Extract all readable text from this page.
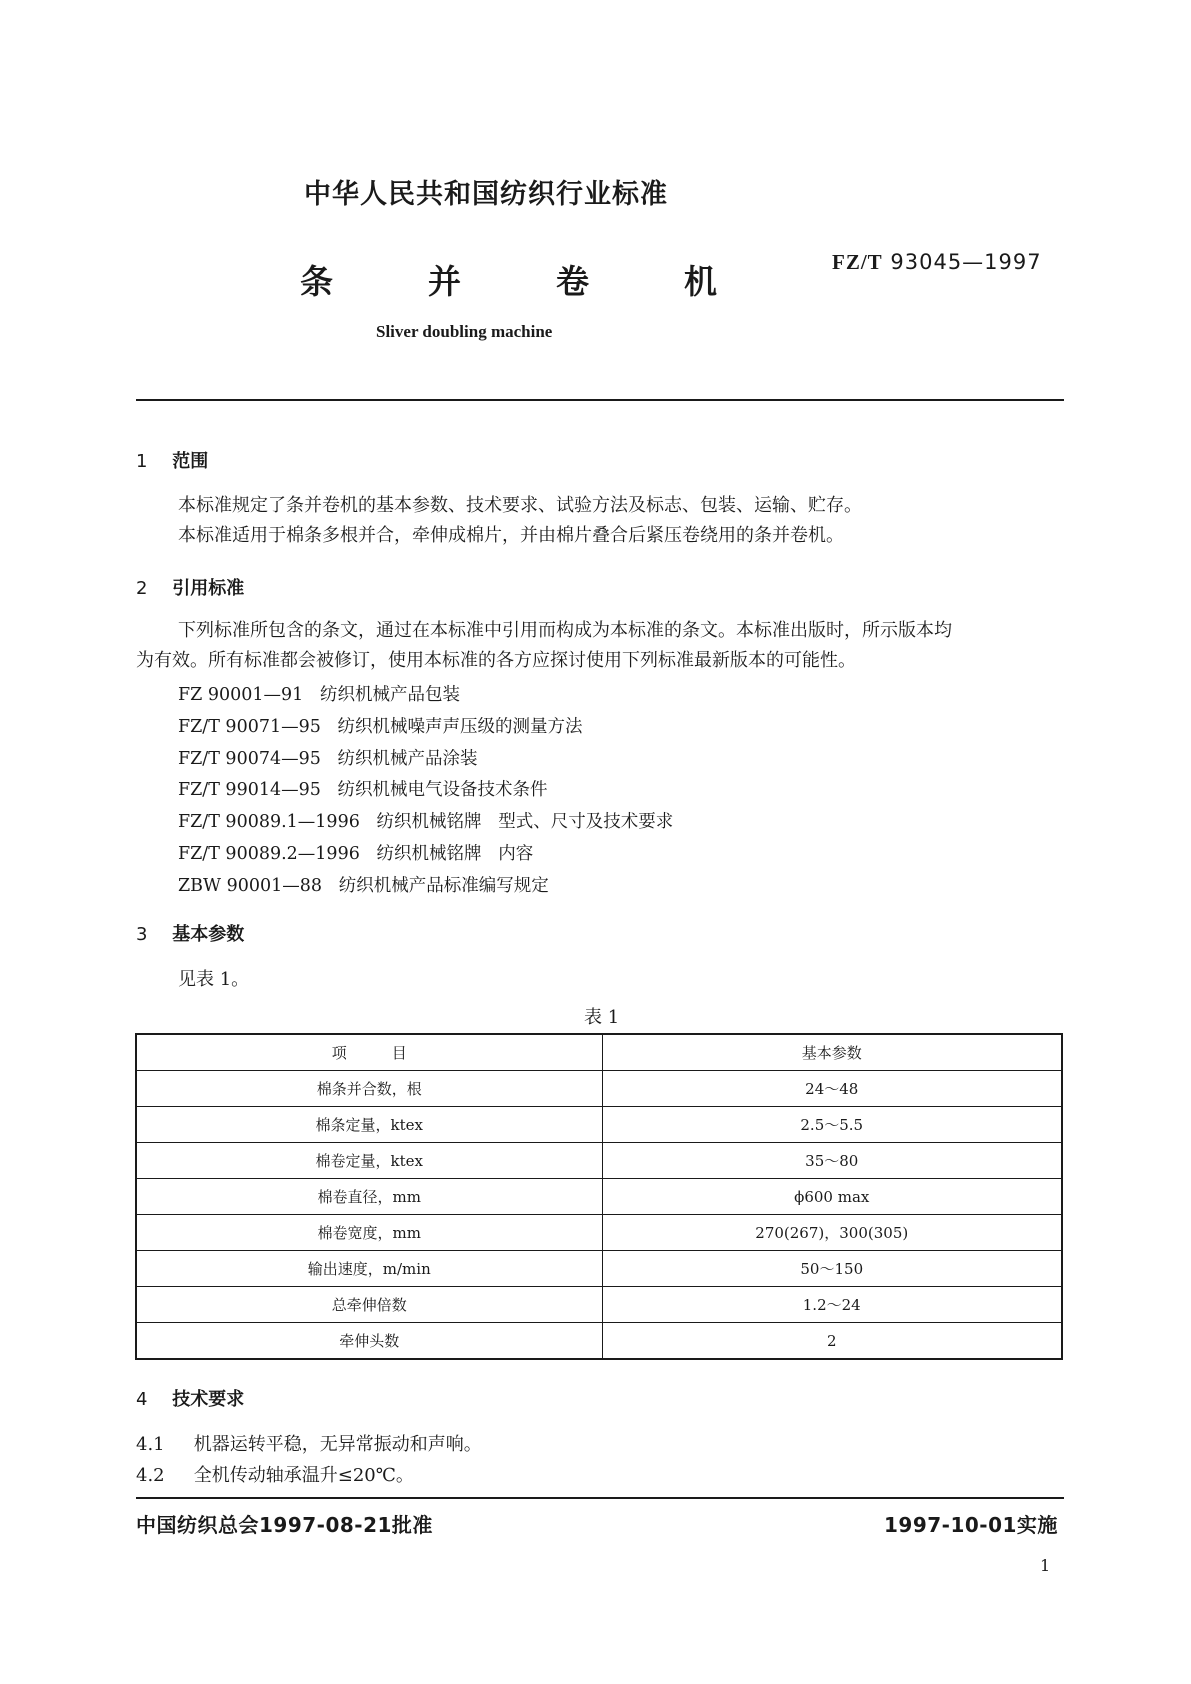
中华人民共和国纺织行业标准
条	并	卷	机	FZ/T 93045—1997
Sliver doubling machine
1 范围
本标准规定了条并卷机的基本参数、技术要求、试验方法及标志、包装、运输、贮存。
本标准适用于棉条多根并合，牵伸成棉片，并由棉片叠合后紧压卷绕用的条并卷机。
2 引用标准
下列标准所包含的条文，通过在本标准中引用而构成为本标准的条文。本标准出版时，所示版本均
为有效。所有标准都会被修订，使用本标准的各方应探讨使用下列标准最新版本的可能性。
FZ 90001—91   纺织机械产品包装
FZ/T 90071—95   纺织机械噪声声压级的测量方法
FZ/T 90074—95   纺织机械产品涂装
FZ/T 99014—95   纺织机械电气设备技术条件
FZ/T 90089.1—1996   纺织机械铭牌   型式、尺寸及技术要求
FZ/T 90089.2—1996   纺织机械铭牌   内容
ZBW 90001—88   纺织机械产品标准编写规定
3 基本参数
见表 1。
表 1
项　　　目	基本参数
棉条并合数，根	24～48
棉条定量，ktex	2.5～5.5
棉卷定量，ktex	35～80
棉卷直径，mm	ϕ600 max
棉卷宽度，mm	270(267)，300(305)
输出速度，m/min	50～150
总牵伸倍数	1.2～24
牵伸头数	2
4 技术要求
4.1 机器运转平稳，无异常振动和声响。
4.2 全机传动轴承温升≤20℃。
中国纺织总会1997-08-21批准	1997-10-01实施
1
